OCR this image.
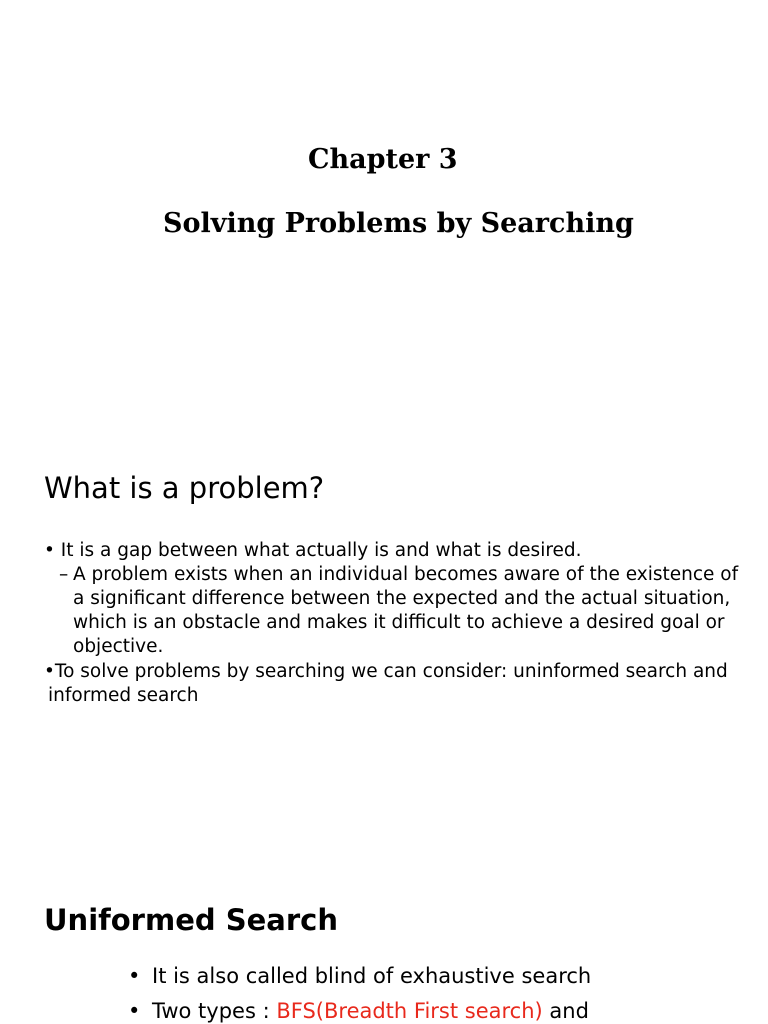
Chapter 3
Solving Problems by Searching
What is a problem?
• It is a gap between what actually is and what is desired.
– A problem exists when an individual becomes aware of the existence of
a significant difference between the expected and the actual situation,
which is an obstacle and makes it difficult to achieve a desired goal or
objective.
•To solve problems by searching we can consider: uninformed search and
informed search
Uniformed Search
• It is also called blind of exhaustive search
• Two types : BFS(Breadth First search) and
